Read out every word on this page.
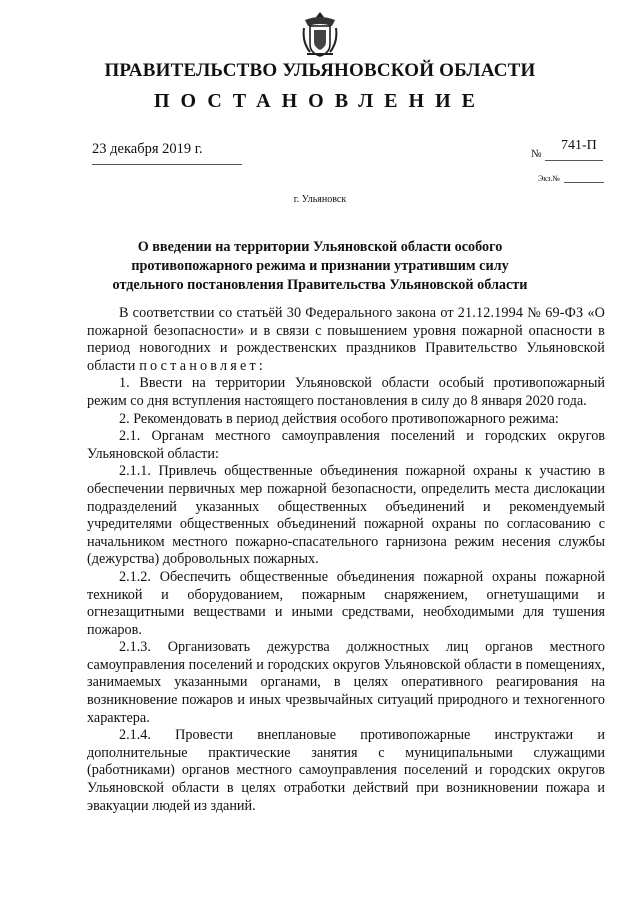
ПРАВИТЕЛЬСТВО УЛЬЯНОВСКОЙ ОБЛАСТИ
ПОСТАНОВЛЕНИЕ
23 декабря 2019 г.	№
741-П
Экз.№
г. Ульяновск
О введении на территории Ульяновской области особого противопожарного режима и признании утратившим силу отдельного постановления Правительства Ульяновской области

В соответствии со статьёй 30 Федерального закона от 21.12.1994 № 69-ФЗ «О пожарной безопасности» и в связи с повышением уровня пожарной опасности в период новогодних и рождественских праздников Правительство Ульяновской области постановляет:

1. Ввести на территории Ульяновской области особый противопожарный режим со дня вступления настоящего постановления в силу до 8 января 2020 года.

2. Рекомендовать в период действия особого противопожарного режима:

2.1. Органам местного самоуправления поселений и городских округов Ульяновской области:

2.1.1. Привлечь общественные объединения пожарной охраны к участию в обеспечении первичных мер пожарной безопасности, определить места дислокации подразделений указанных общественных объединений и рекомендуемый учредителями общественных объединений пожарной охраны по согласованию с начальником местного пожарно-спасательного гарнизона режим несения службы (дежурства) добровольных пожарных.

2.1.2. Обеспечить общественные объединения пожарной охраны пожарной техникой и оборудованием, пожарным снаряжением, огнетушащими и огнезащитными веществами и иными средствами, необходимыми для тушения пожаров.

2.1.3. Организовать дежурства должностных лиц органов местного самоуправления поселений и городских округов Ульяновской области в помещениях, занимаемых указанными органами, в целях оперативного реагирования на возникновение пожаров и иных чрезвычайных ситуаций природного и техногенного характера.

2.1.4. Провести внеплановые противопожарные инструктажи и дополнительные практические занятия с муниципальными служащими (работниками) органов местного самоуправления поселений и городских округов Ульяновской области в целях отработки действий при возникновении пожара и эвакуации людей из зданий.
